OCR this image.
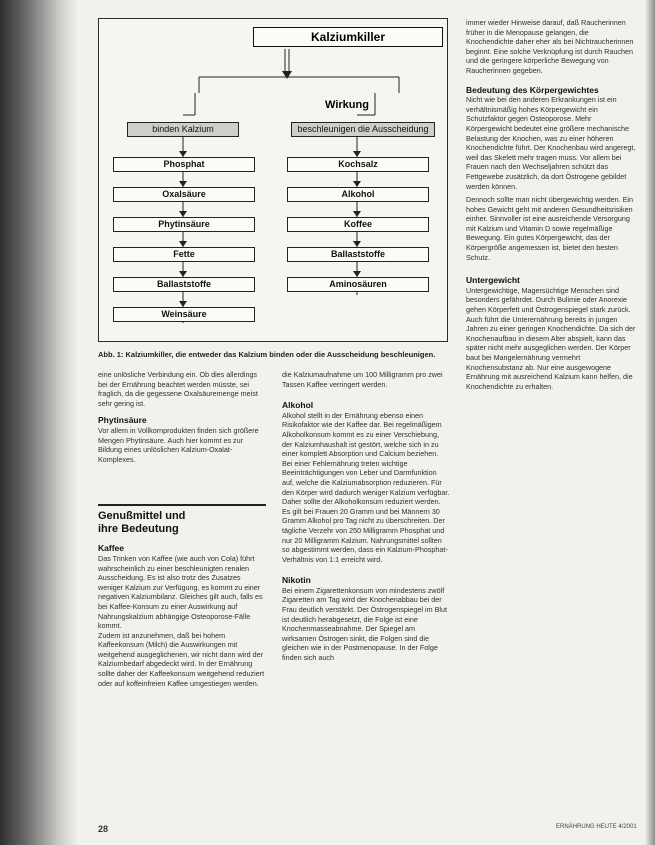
Kalziumkiller
Wirkung
binden Kalzium	beschleunigen die Ausscheidung
Phosphat
Oxalsäure
Phytinsäure
Fette
Ballaststoffe
Weinsäure
Kochsalz
Alkohol
Koffee
Ballaststoffe
Aminosäuren
Abb. 1: Kalziumkiller, die entweder das Kalzium binden oder die Ausscheidung beschleunigen.

eine unlösliche Verbindung ein. Ob dies allerdings bei der Ernährung beachtet werden müsste, sei fraglich, da die gegessene Oxalsäuremenge meist sehr gering ist.

Phytinsäure

Vor allem in Vollkornprodukten finden sich größere Mengen Phytinsäure. Auch hier kommt es zur Bildung eines unlöslichen Kalzium-Oxalat-Komplexes.

Genußmittel und
ihre Bedeutung
Kaffee

Das Trinken von Kaffee (wie auch von Cola) führt wahrscheinlich zu einer beschleunigten renalen Ausscheidung. Es ist also trotz des Zusatzes weniger Kalzium zur Verfügung, es kommt zu einer negativen Kalziumbilanz. Gleiches gilt auch, falls es bei Kaffee-Konsum zu einer Auswirkung auf Nahrungskalzium abhängige Osteoporose-Fälle kommt.

Zudem ist anzunehmen, daß bei hohem Kaffeekonsum (Milch) die Auswirkungen mit weitgehend ausgeglichenen, wir nicht dann wird der Kalziumbedarf abgedeckt wird. In der Ernährung sollte daher der Kaffeekonsum weitgehend reduziert oder auf koffeinfreien Kaffee umgestiegen werden.

die Kalziumaufnahme um 100 Milligramm pro zwei Tassen Kaffee verringert werden.

Alkohol

Alkohol stellt in der Ernährung ebenso einen Risikofaktor wie der Kaffee dar. Bei regelmäßigem Alkoholkonsum kommt es zu einer Verschiebung, der Kalziumhaushalt ist gestört, welche sich in zu einer komplett Absorption und Calcium beziehen. Bei einer Fehlernährung treten wichtige Beeinträchtigungen von Leber und Darmfunktion auf, welche die Kalziumabsorption reduzieren. Für den Körper wird dadurch weniger Kalzium verfügbar. Daher sollte der Alkoholkonsum reduziert werden. Es gilt bei Frauen 20 Gramm und bei Männern 30 Gramm Alkohol pro Tag nicht zu überschreiten. Der tägliche Verzehr von 250 Milligramm Phosphat und nur 20 Milligramm Kalzium. Nahrungsmittel sollten so abgestimmt werden, dass ein Kalzium-Phosphat-Verhältnis von 1:1 erreicht wird.

Nikotin

Bei einem Zigarettenkonsum von mindestens zwölf Zigaretten am Tag wird der Knochenabbau bei der Frau deutlich verstärkt. Der Östrogenspiegel im Blut ist deutlich herabgesetzt, die Folge ist eine Knochenmasseabnahme. Der Spiegel am wirksamen Östrogen sinkt, die Folgen sind die gleichen wie in der Postmenopause. In der Folge finden sich auch

immer wieder Hinweise darauf, daß Raucherinnen früher in die Menopause gelangen, die Knochendichte daher eher als bei Nichtraucherinnen beginnt. Eine solche Verknüpfung ist durch Rauchen und die geringere körperliche Bewegung von Raucherinnen gegeben.

Bedeutung des Körpergewichtes

Nicht wie bei den anderen Erkrankungen ist ein verhältnismäßig hohes Körpergewicht ein Schutzfaktor gegen Osteoporose. Mehr Körpergewicht bedeutet eine größere mechanische Belastung der Knochen, was zu einer höheren Knochendichte führt. Der Knochenbau wird angeregt, weil das Skelett mehr tragen muss. Vor allem bei Frauen nach den Wechseljahren schützt das Fettgewebe zusätzlich, da dort Östrogene gebildet werden können.

Dennoch sollte man nicht übergewichtig werden. Ein hohes Gewicht geht mit anderen Gesundheitsrisiken einher. Sinnvoller ist eine ausreichende Versorgung mit Kalzium und Vitamin D sowie regelmäßige Bewegung. Ein gutes Körpergewicht, das der Körpergröße angemessen ist, bietet den besten Schutz.

Untergewicht

Untergewichtige, Magersüchtige Menschen sind besonders gefährdet. Durch Bulimie oder Anorexie gehen Körperfett und Östrogenspiegel stark zurück. Auch führt die Unterernährung bereits in jungen Jahren zu einer geringen Knochendichte. Da sich der Knochenaufbau in diesem Alter abspielt, kann das später nicht mehr ausgeglichen werden. Der Körper baut bei Mangelernährung vermehrt Knochensubstanz ab. Nur eine ausgewogene Ernährung mit ausreichend Kalzium kann helfen, die Knochendichte zu erhalten.

28	ERNÄHRUNG HEUTE 4/2001
